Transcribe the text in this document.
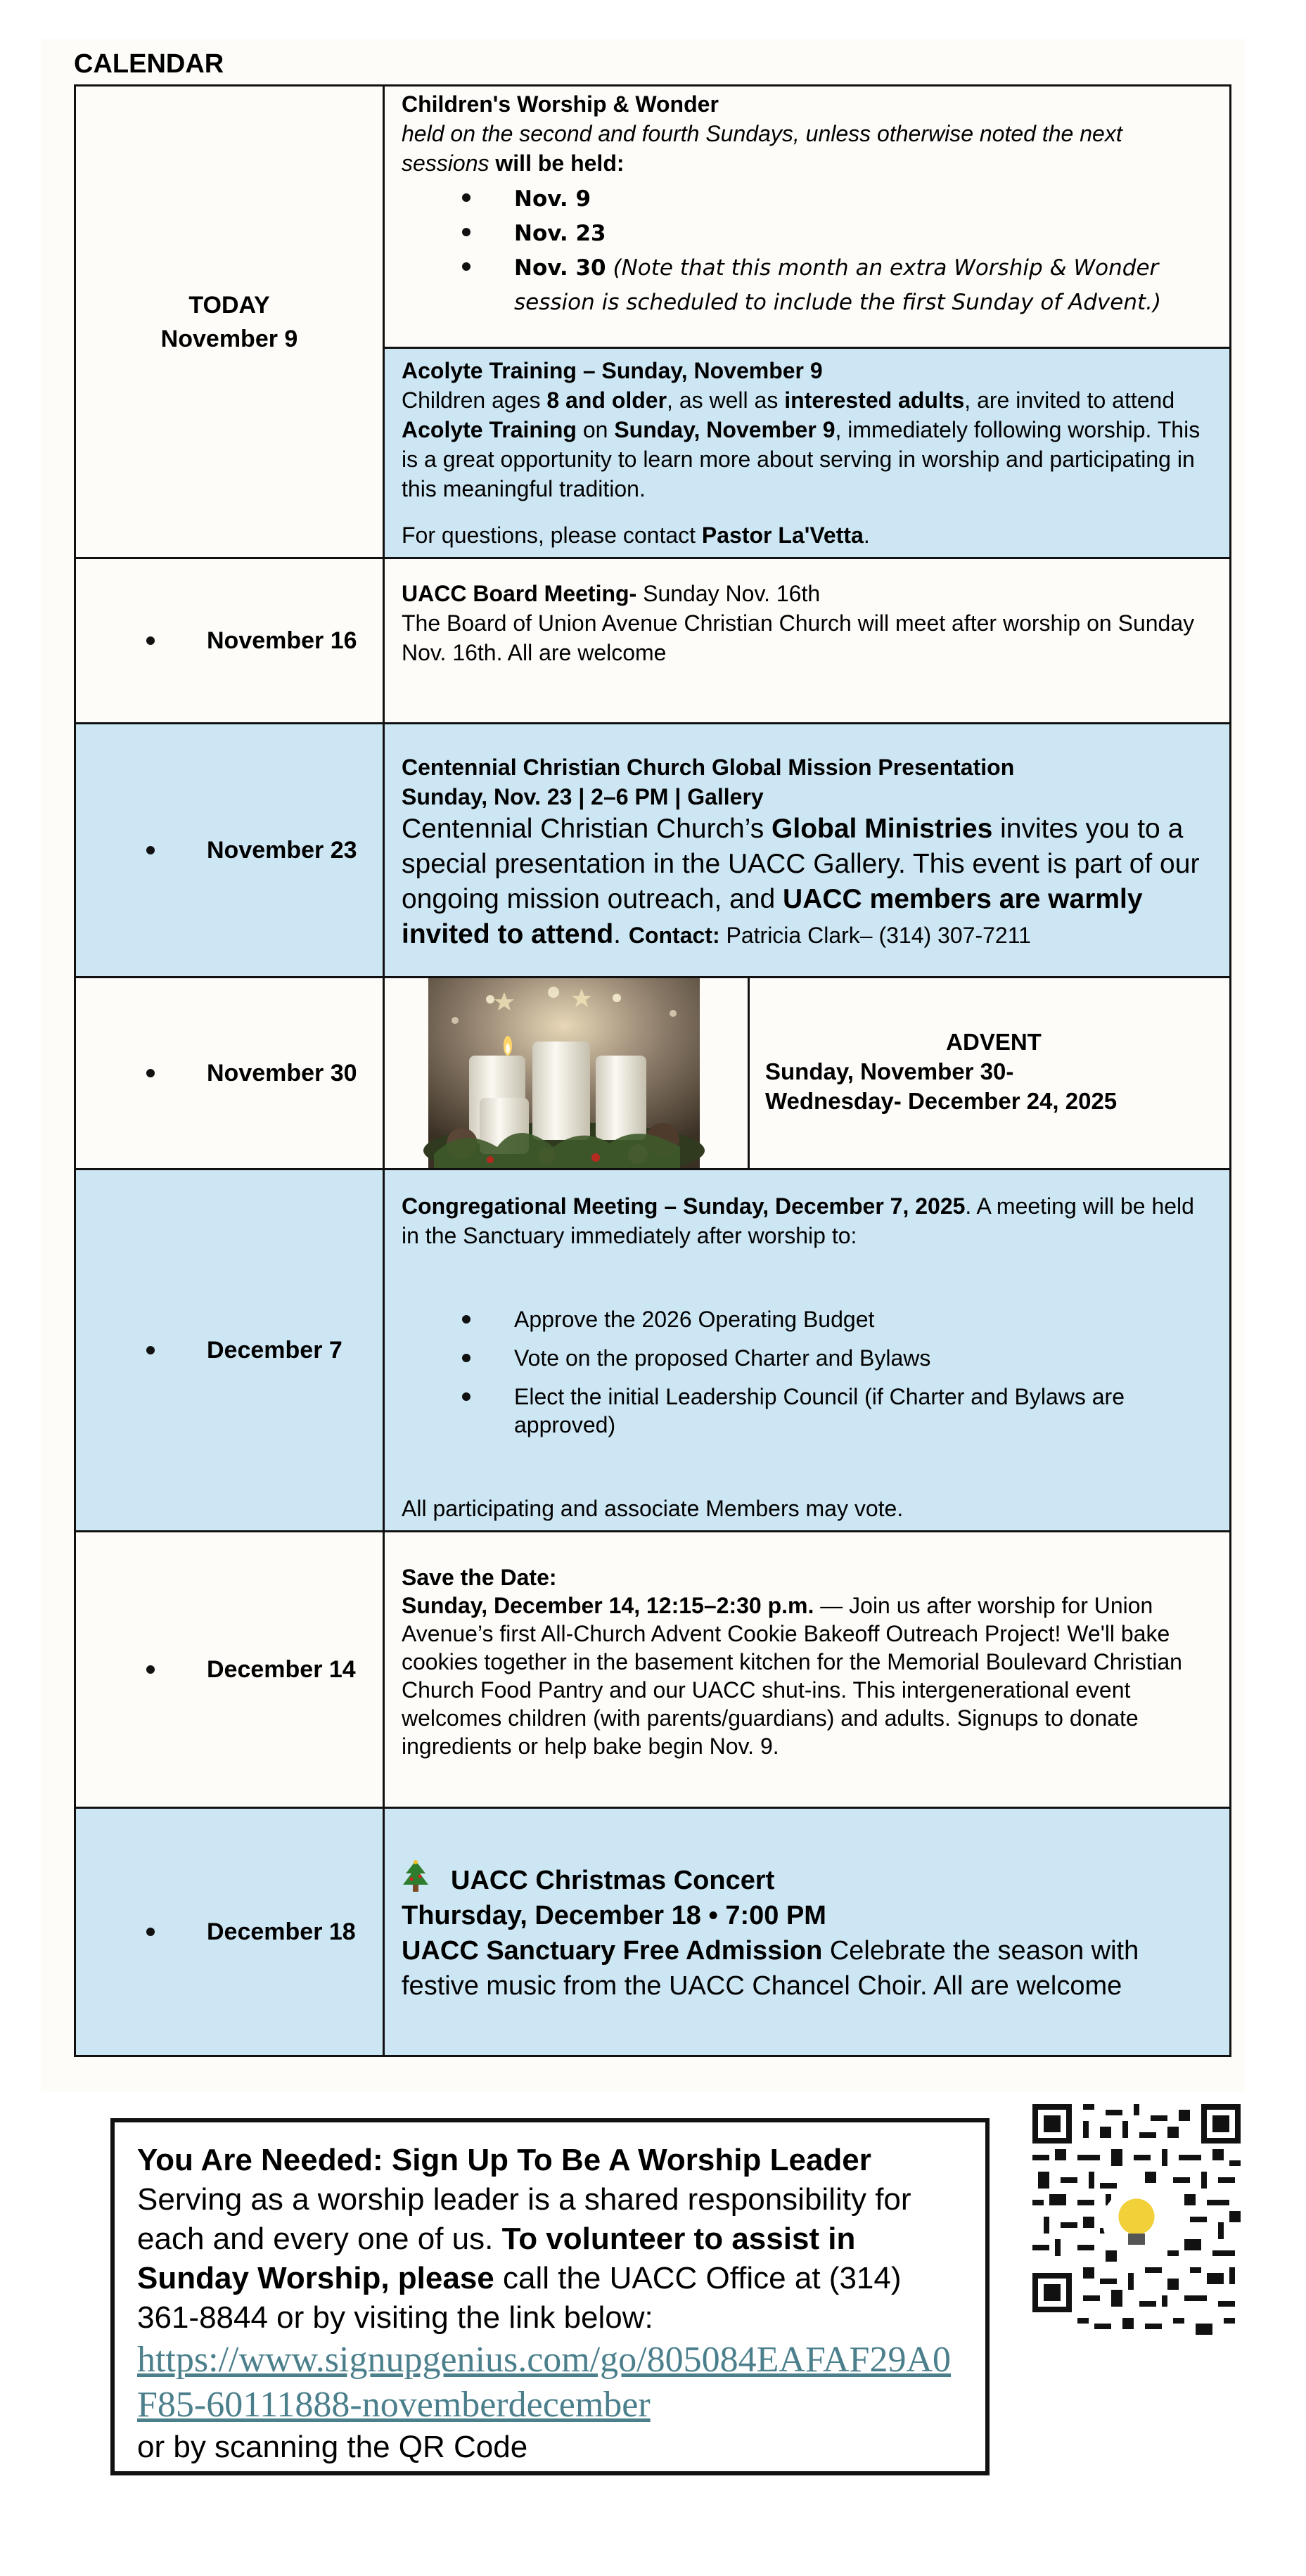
CALENDAR
TODAY
November 9

Children's Worship & Wonder

held on the second and fourth Sundays, unless otherwise noted the next sessions will be held:

Nov. 9
Nov. 23
Nov. 30 (Note that this month an extra Worship & Wonder session is scheduled to include the first Sunday of Advent.)

Acolyte Training – Sunday, November 9

Children ages 8 and older, as well as interested adults, are invited to attend Acolyte Training on Sunday, November 9, immediately following worship. This is a great opportunity to learn more about serving in worship and participating in this meaningful tradition.

For questions, please contact Pastor La'Vetta.

November 16

UACC Board Meeting- Sunday Nov. 16th

The Board of Union Avenue Christian Church will meet after worship on Sunday Nov. 16th. All are welcome

November 23

Centennial Christian Church Global Mission Presentation

Sunday, Nov. 23 | 2–6 PM | Gallery

Centennial Christian Church’s Global Ministries invites you to a special presentation in the UACC Gallery. This event is part of our ongoing mission outreach, and UACC members are warmly invited to attend. Contact: Patricia Clark– (314) 307-7211

November 30

ADVENT
Sunday, November 30-
Wednesday- December 24, 2025

December 7

Congregational Meeting – Sunday, December 7, 2025. A meeting will be held in the Sanctuary immediately after worship to:

Approve the 2026 Operating Budget
Vote on the proposed Charter and Bylaws
Elect the initial Leadership Council (if Charter and Bylaws are approved)

All participating and associate Members may vote.

December 14

Save the Date:

Sunday, December 14, 12:15–2:30 p.m. — Join us after worship for Union Avenue’s first All-Church Advent Cookie Bakeoff Outreach Project! We'll bake cookies together in the basement kitchen for the Memorial Boulevard Christian Church Food Pantry and our UACC shut-ins. This intergenerational event welcomes children (with parents/guardians) and adults. Signups to donate ingredients or help bake begin Nov. 9.

December 18

UACC Christmas Concert

Thursday, December 18 • 7:00 PM

UACC Sanctuary Free Admission Celebrate the season with festive music from the UACC Chancel Choir. All are welcome

You Are Needed: Sign Up To Be A Worship Leader

Serving as a worship leader is a shared responsibility for each and every one of us. To volunteer to assist in Sunday Worship, please call the UACC Office at (314) 361-8844 or by visiting the link below:

https://www.signupgenius.com/go/805084EAFAF29A0F85-60111888-novemberdecember

or by scanning the QR Code
